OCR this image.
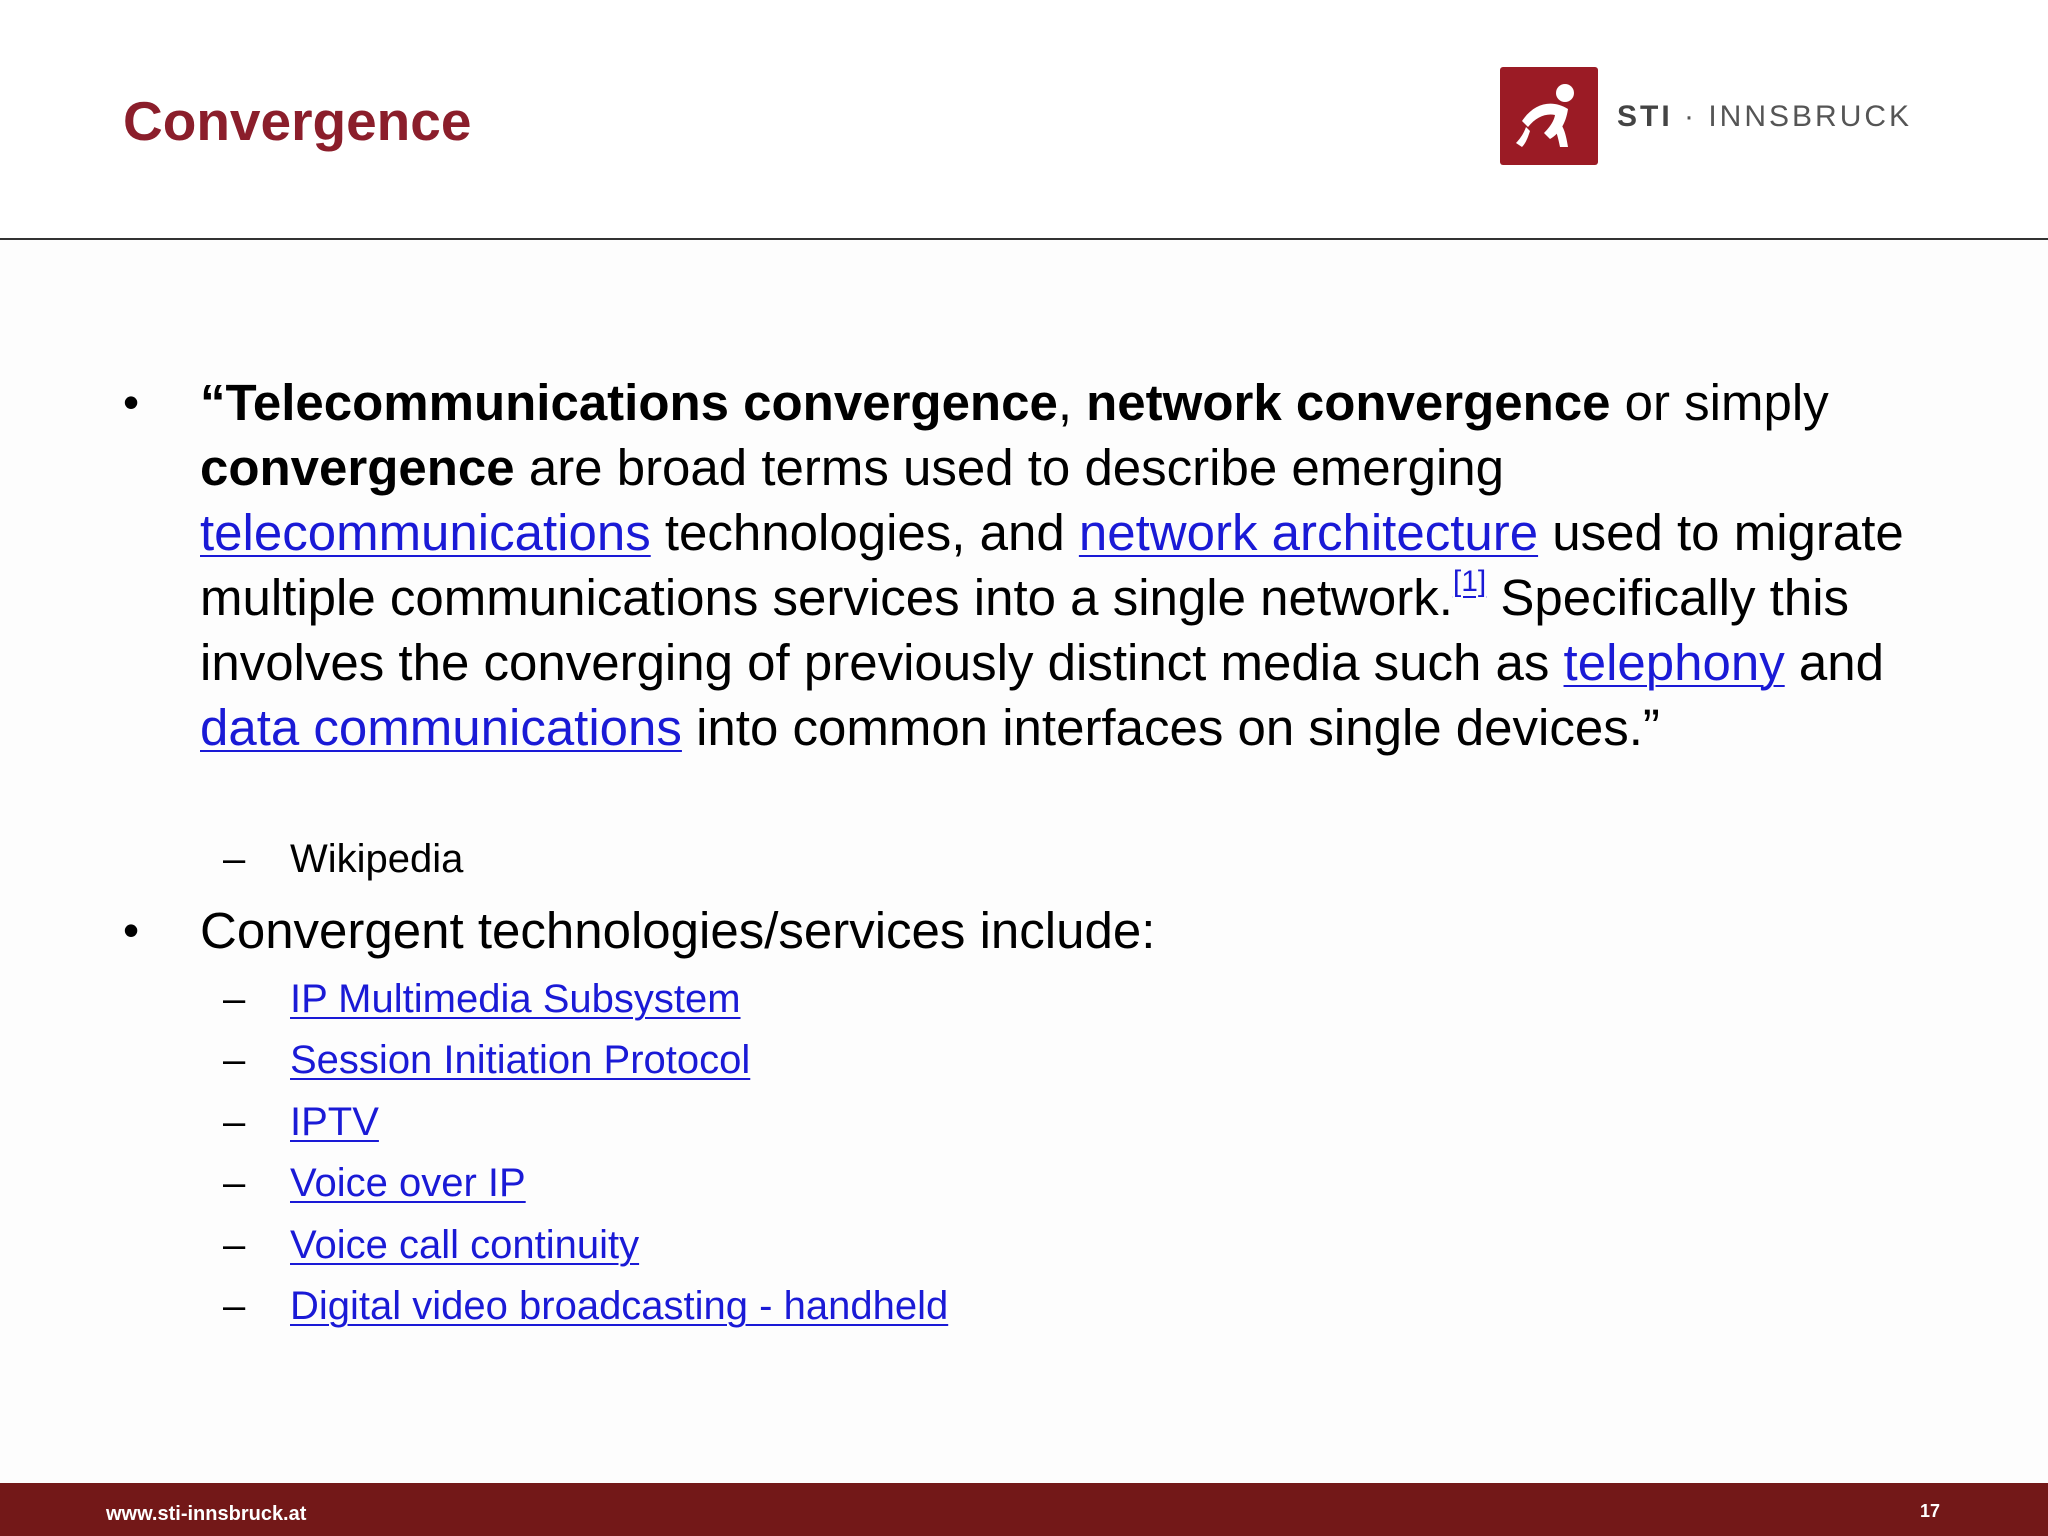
Convergence	STI · INNSBRUCK
• “Telecommunications convergence, network convergence or simply convergence are broad terms used to describe emerging telecommunications technologies, and network architecture used to migrate multiple communications services into a single network.[1] Specifically this involves the converging of previously distinct media such as telephony and data communications into common interfaces on single devices.”
– Wikipedia
• Convergent technologies/services include:
– IP Multimedia Subsystem
– Session Initiation Protocol
– IPTV
– Voice over IP
– Voice call continuity
– Digital video broadcasting - handheld
www.sti-innsbruck.at	17
